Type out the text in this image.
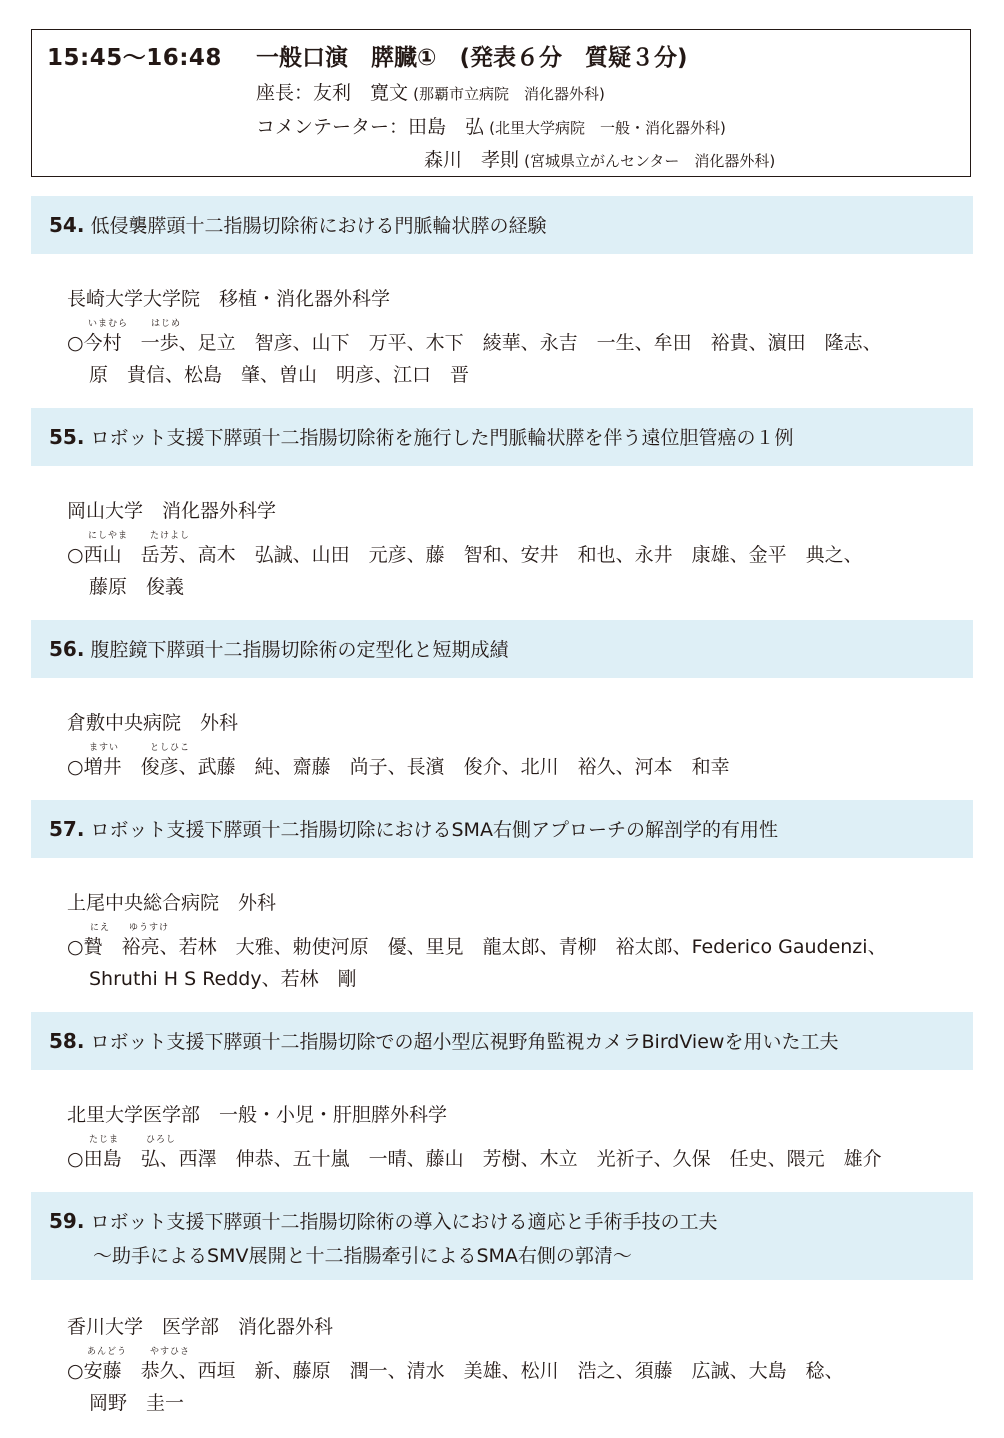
15:45〜16:48 一般口演　膵臓①　(発表６分　質疑３分)
座長：友利　寛文 (那覇市立病院　消化器外科)
コメンテーター：田島　弘 (北里大学病院　一般・消化器外科)
森川　孝則 (宮城県立がんセンター　消化器外科)
54. 低侵襲膵頭十二指腸切除術における門脈輪状膵の経験
長崎大学大学院　移植・消化器外科学
いまむら	はじめ
○今村　一歩、足立　智彦、山下　万平、木下　綾華、永吉　一生、牟田　裕貴、濵田　隆志、
原　貴信、松島　肇、曽山　明彦、江口　晋
55. ロボット支援下膵頭十二指腸切除術を施行した門脈輪状膵を伴う遠位胆管癌の１例
岡山大学　消化器外科学
にしやま たけよし
○西山　岳芳、高木　弘誠、山田　元彦、藤　智和、安井　和也、永井　康雄、金平　典之、
藤原　俊義
56. 腹腔鏡下膵頭十二指腸切除術の定型化と短期成績
倉敷中央病院　外科
ますい	としひこ
○増井　俊彦、武藤　純、齋藤　尚子、長濱　俊介、北川　裕久、河本　和幸
57. ロボット支援下膵頭十二指腸切除におけるSMA右側アプローチの解剖学的有用性
上尾中央総合病院　外科
にえ ゆうすけ
○贄　裕亮、若林　大雅、勅使河原　優、里見　龍太郎、青柳　裕太郎、Federico Gaudenzi、
Shruthi H S Reddy、若林　剛
58. ロボット支援下膵頭十二指腸切除での超小型広視野角監視カメラBirdViewを用いた工夫
北里大学医学部　一般・小児・肝胆膵外科学
たじま	ひろし
○田島　弘、西澤　伸恭、五十嵐　一晴、藤山　芳樹、木立　光祈子、久保　任史、隈元　雄介
59. ロボット支援下膵頭十二指腸切除術の導入における適応と手術手技の工夫
〜助手によるSMV展開と十二指腸牽引によるSMA右側の郭清〜
香川大学　医学部　消化器外科
あんどう	やすひさ
○安藤　恭久、西垣　新、藤原　潤一、清水　美雄、松川　浩之、須藤　広誠、大島　稔、
岡野　圭一
